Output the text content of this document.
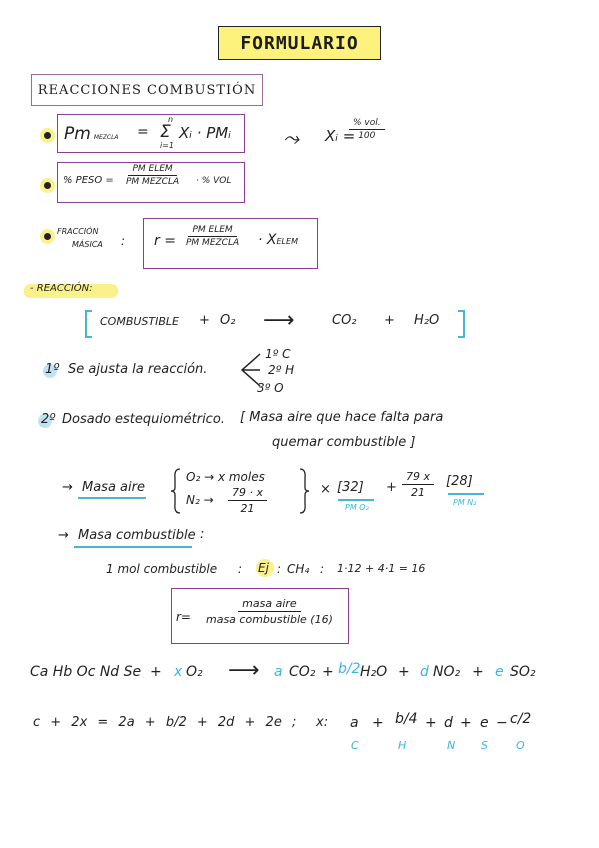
FORMULARIO
REACCIONES COMBUSTIÓN
Pm mezcla =
n
Σ
i=1
Xᵢ · PMᵢ	⤳ Xᵢ =
% vol.
100
% PESO =
PM ELEM
PM MEZCLA	· % VOL
FRACCIÓN
MÁSICA : r =
PM ELEM
PM MEZCLA · XELEM
- REACCIÓN:
COMBUSTIBLE + O₂ ⟶	CO₂ + H₂O
1º Se ajusta la reacción.
1º C
2º H
3º O
2º Dosado estequiométrico. [ Masa aire que hace falta para
quemar combustible ]
→ Masa aire
O₂ → x moles
$N_2 \to \frac{79 \cdot x}{21}$	× [32]
PM O₂
+ $\frac{79 x}{21} [28]$
PM N₂
→ Masa combustible :
1 mol combustible : Ej : CH₄ : 1·12 + 4·1 = 16
r=
masa aire
masa combustible (16)
Ca Hb Oc Nd Se + x O₂ ⟶ a CO₂ + b/2 H₂O + d NO₂ + e SO₂
c + 2x = 2a + b/2 + 2d + 2e ; x: a + b/4 + d + e − c/2
C	H	N S	O
